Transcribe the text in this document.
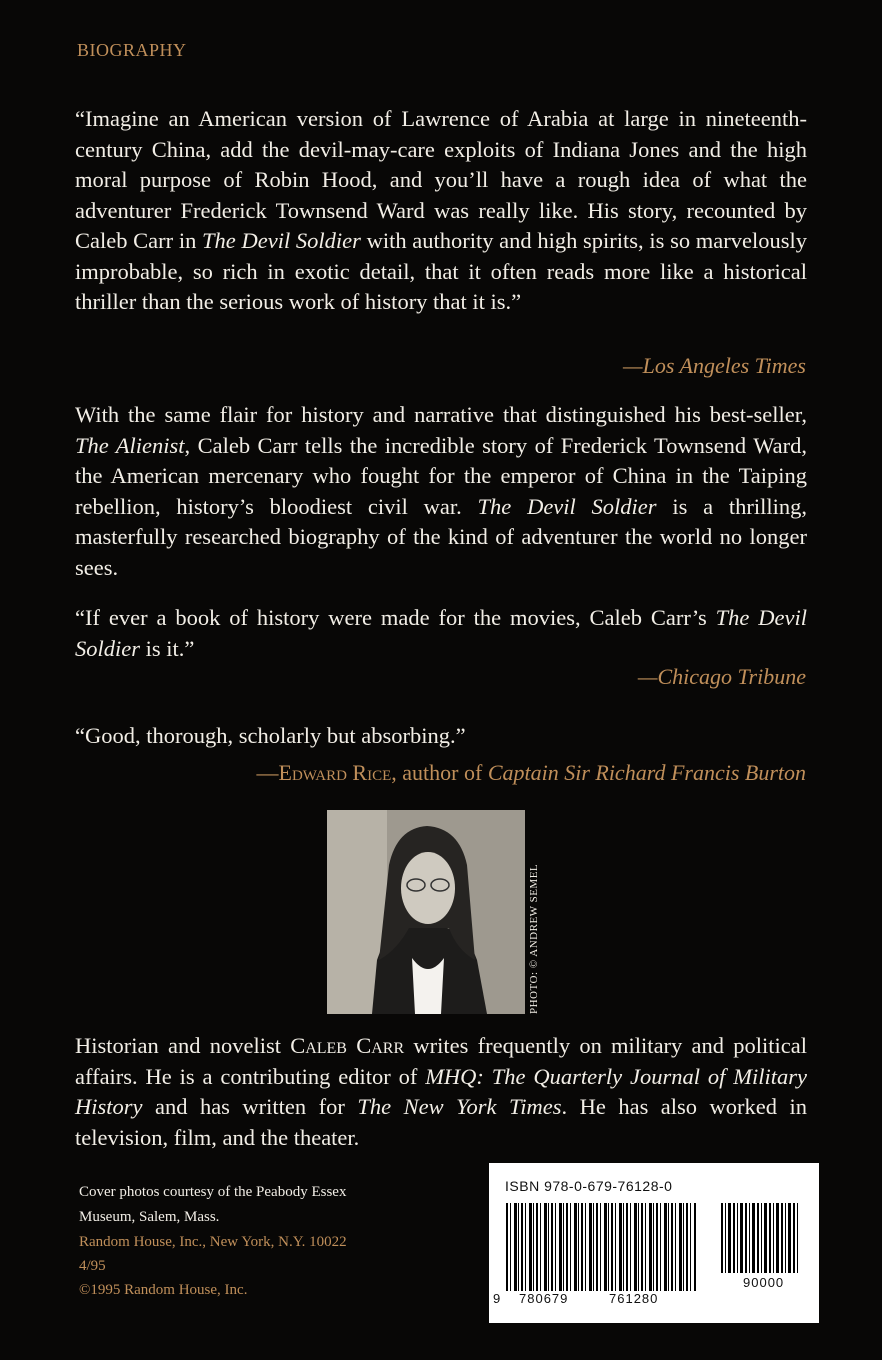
BIOGRAPHY
“Imagine an American version of Lawrence of Arabia at large in nineteenth-century China, add the devil-may-care exploits of Indiana Jones and the high moral purpose of Robin Hood, and you’ll have a rough idea of what the adventurer Frederick Townsend Ward was really like. His story, recounted by Caleb Carr in The Devil Soldier with authority and high spirits, is so marvelously improbable, so rich in exotic detail, that it often reads more like a historical thriller than the serious work of history that it is.”
—Los Angeles Times
With the same flair for history and narrative that distinguished his best-seller, The Alienist, Caleb Carr tells the incredible story of Frederick Townsend Ward, the American mercenary who fought for the emperor of China in the Taiping rebellion, history’s bloodiest civil war. The Devil Soldier is a thrilling, masterfully researched biography of the kind of adventurer the world no longer sees.
“If ever a book of history were made for the movies, Caleb Carr’s The Devil Soldier is it.”
—Chicago Tribune
“Good, thorough, scholarly but absorbing.”
—Edward Rice, author of Captain Sir Richard Francis Burton
PHOTO: © ANDREW SEMEL
Historian and novelist Caleb Carr writes frequently on military and political affairs. He is a contributing editor of MHQ: The Quarterly Journal of Military History and has written for The New York Times. He has also worked in television, film, and the theater.
Cover photos courtesy of the Peabody Essex
Museum, Salem, Mass.
Random House, Inc., New York, N.Y. 10022
4/95
©1995 Random House, Inc.
ISBN 978-0-679-76128-0
9 780679	761280
90000
